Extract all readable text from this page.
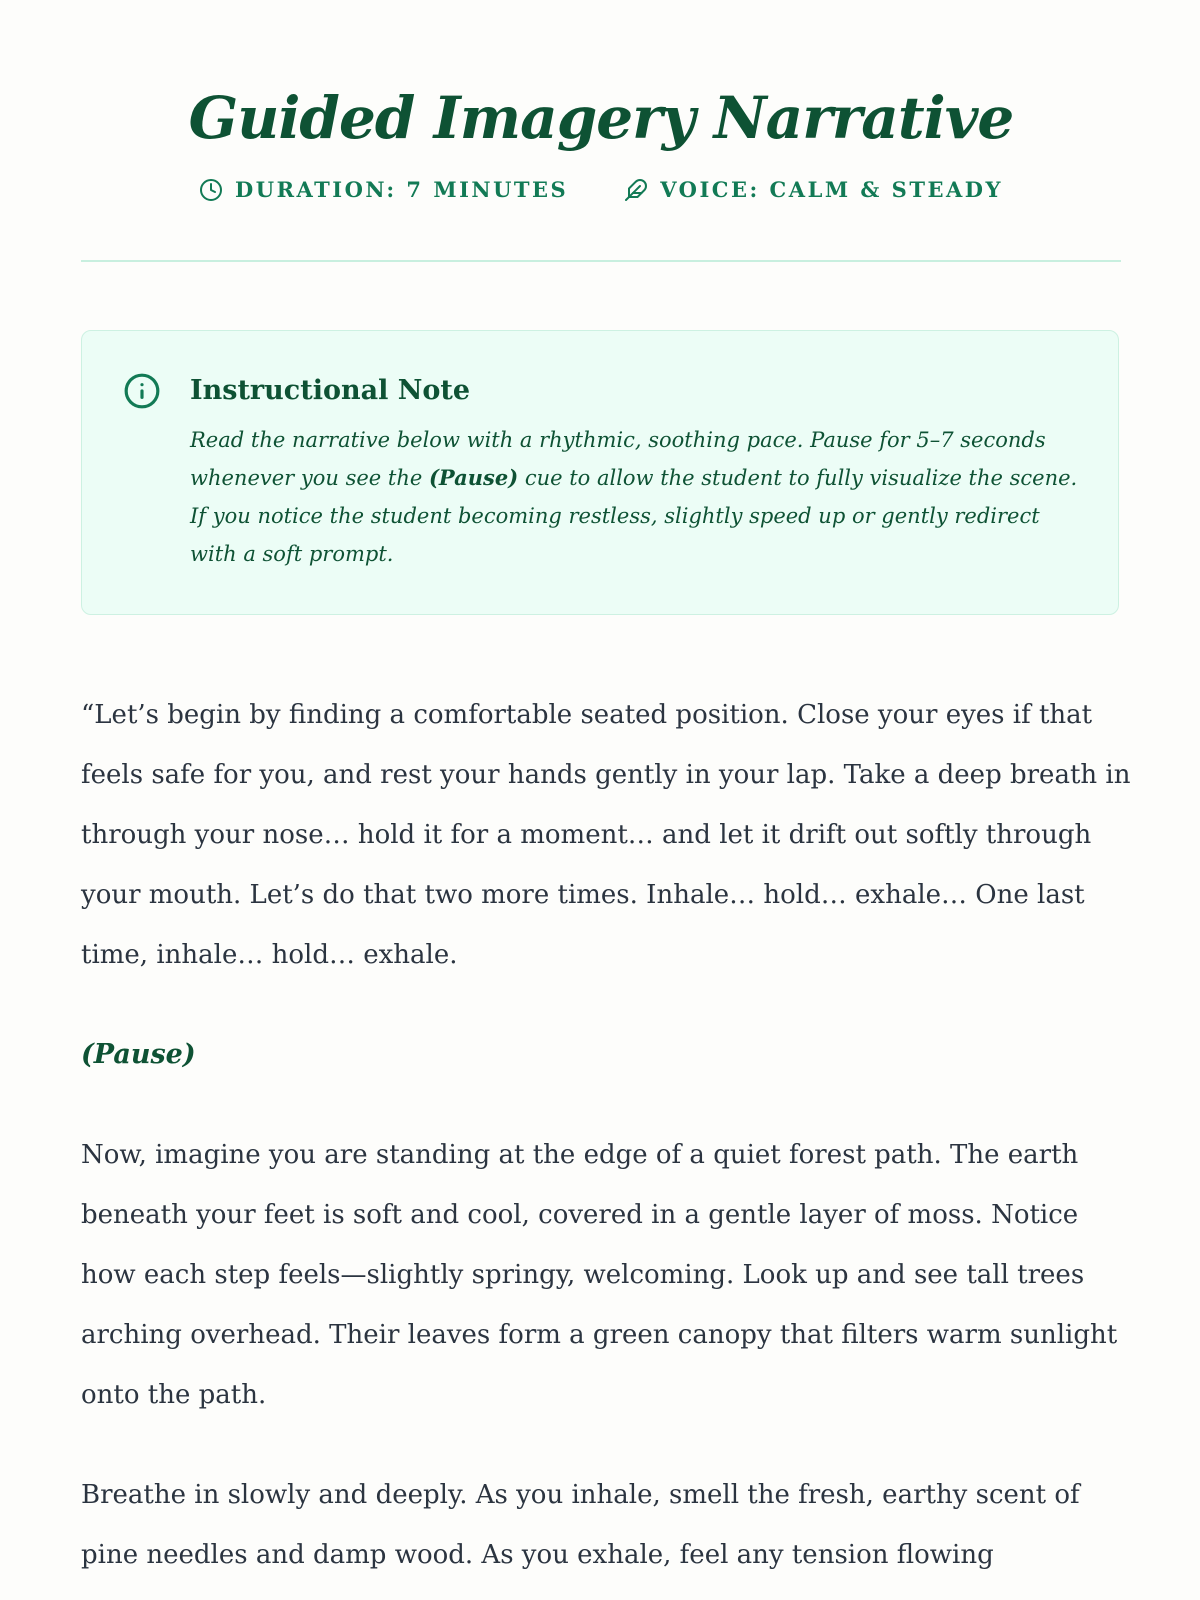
Guided Imagery Narrative
DURATION: 7 MINUTES	VOICE: CALM & STEADY
Instructional Note

Read the narrative below with a rhythmic, soothing pace. Pause for 5–7 seconds whenever you see the (Pause) cue to allow the student to fully visualize the scene. If you notice the student becoming restless, slightly speed up or gently redirect with a soft prompt.

“Let’s begin by finding a comfortable seated position. Close your eyes if that feels safe for you, and rest your hands gently in your lap. Take a deep breath in through your nose… hold it for a moment… and let it drift out softly through your mouth. Let’s do that two more times. Inhale… hold… exhale… One last time, inhale… hold… exhale.

(Pause)

Now, imagine you are standing at the edge of a quiet forest path. The earth beneath your feet is soft and cool, covered in a gentle layer of moss. Notice how each step feels—slightly springy, welcoming. Look up and see tall trees arching overhead. Their leaves form a green canopy that filters warm sunlight onto the path.

Breathe in slowly and deeply. As you inhale, smell the fresh, earthy scent of pine needles and damp wood. As you exhale, feel any tension flowing
